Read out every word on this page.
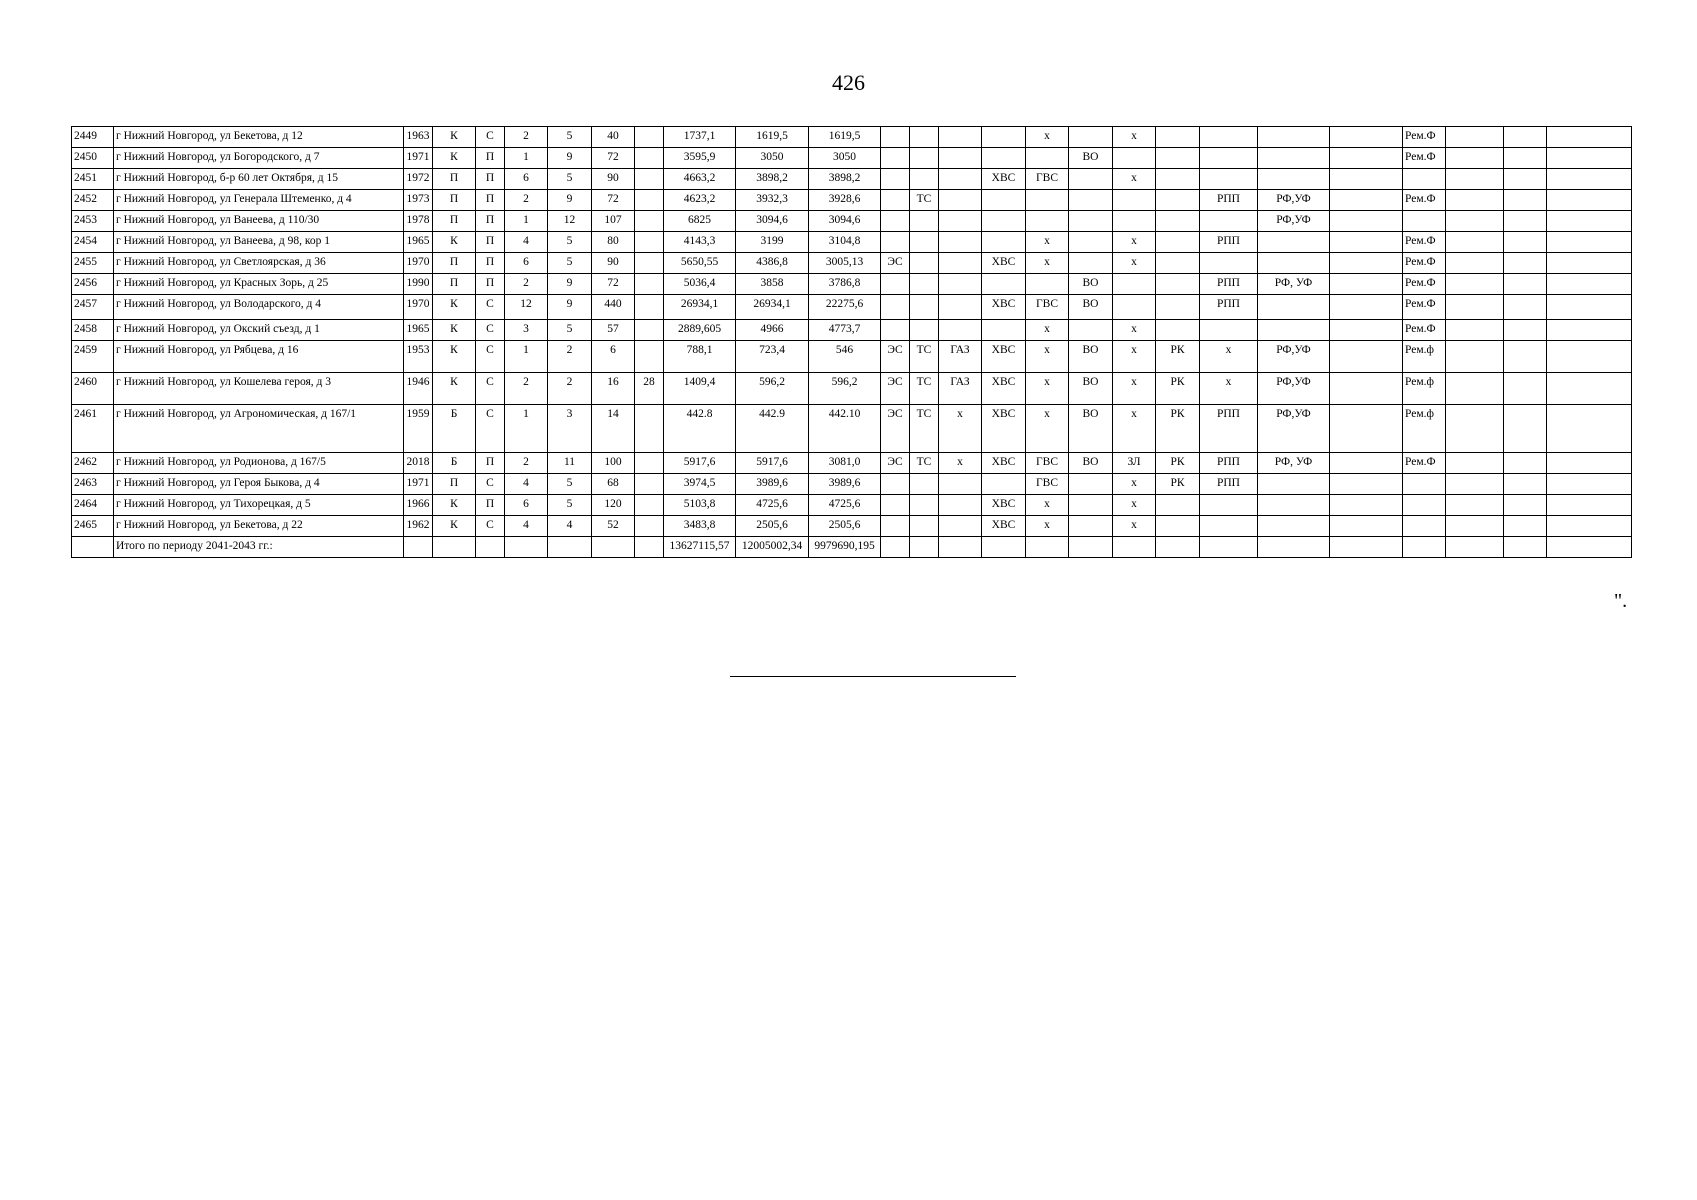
426
2449	г Нижний Новгород, ул Бекетова, д 12	1963	К	С	2	5	40		1737,1	1619,5	1619,5					х		х					Рем.Ф			
2450	г Нижний Новгород, ул Богородского, д 7	1971	К	П	1	9	72		3595,9	3050	3050						ВО						Рем.Ф			
2451	г Нижний Новгород, б-р 60 лет Октября, д 15	1972	П	П	6	5	90		4663,2	3898,2	3898,2				ХВС	ГВС		х								
2452	г Нижний Новгород, ул Генерала Штеменко, д 4	1973	П	П	2	9	72		4623,2	3932,3	3928,6		ТС							РПП	РФ,УФ		Рем.Ф			
2453	г Нижний Новгород, ул Ванеева, д 110/30	1978	П	П	1	12	107		6825	3094,6	3094,6										РФ,УФ					
2454	г Нижний Новгород, ул Ванеева, д 98, кор 1	1965	К	П	4	5	80		4143,3	3199	3104,8					х		х		РПП			Рем.Ф			
2455	г Нижний Новгород, ул Светлоярская, д 36	1970	П	П	6	5	90		5650,55	4386,8	3005,13	ЭС			ХВС	х		х					Рем.Ф			
2456	г Нижний Новгород, ул Красных Зорь, д 25	1990	П	П	2	9	72		5036,4	3858	3786,8						ВО			РПП	РФ, УФ		Рем.Ф			
2457	г Нижний Новгород, ул Володарского, д 4	1970	К	С	12	9	440		26934,1	26934,1	22275,6				ХВС	ГВС	ВО			РПП			Рем.Ф			
2458	г Нижний Новгород, ул Окский съезд, д 1	1965	К	С	3	5	57		2889,605	4966	4773,7					х		х					Рем.Ф			
2459	г Нижний Новгород, ул Рябцева, д 16	1953	К	С	1	2	6		788,1	723,4	546	ЭС	ТС	ГАЗ	ХВС	х	ВО	х	РК	х	РФ,УФ		Рем.ф			
2460	г Нижний Новгород, ул Кошелева героя, д 3	1946	К	С	2	2	16	28	1409,4	596,2	596,2	ЭС	ТС	ГАЗ	ХВС	х	ВО	х	РК	х	РФ,УФ		Рем.ф			
2461	г Нижний Новгород, ул Агрономическая, д 167/1	1959	Б	С	1	3	14		442.8	442.9	442.10	ЭС	ТС	х	ХВС	х	ВО	х	РК	РПП	РФ,УФ		Рем.ф			
2462	г Нижний Новгород, ул Родионова, д 167/5	2018	Б	П	2	11	100		5917,6	5917,6	3081,0	ЭС	ТС	х	ХВС	ГВС	ВО	ЗЛ	РК	РПП	РФ, УФ		Рем.Ф			
2463	г Нижний Новгород, ул Героя Быкова, д 4	1971	П	С	4	5	68		3974,5	3989,6	3989,6					ГВС		х	РК	РПП						
2464	г Нижний Новгород, ул Тихорецкая, д 5	1966	К	П	6	5	120		5103,8	4725,6	4725,6				ХВС	х		х								
2465	г Нижний Новгород, ул Бекетова, д 22	1962	К	С	4	4	52		3483,8	2505,6	2505,6				ХВС	х		х								
	Итого по периоду 2041-2043 гг.:								13627115,57	12005002,34	9979690,195															
".
